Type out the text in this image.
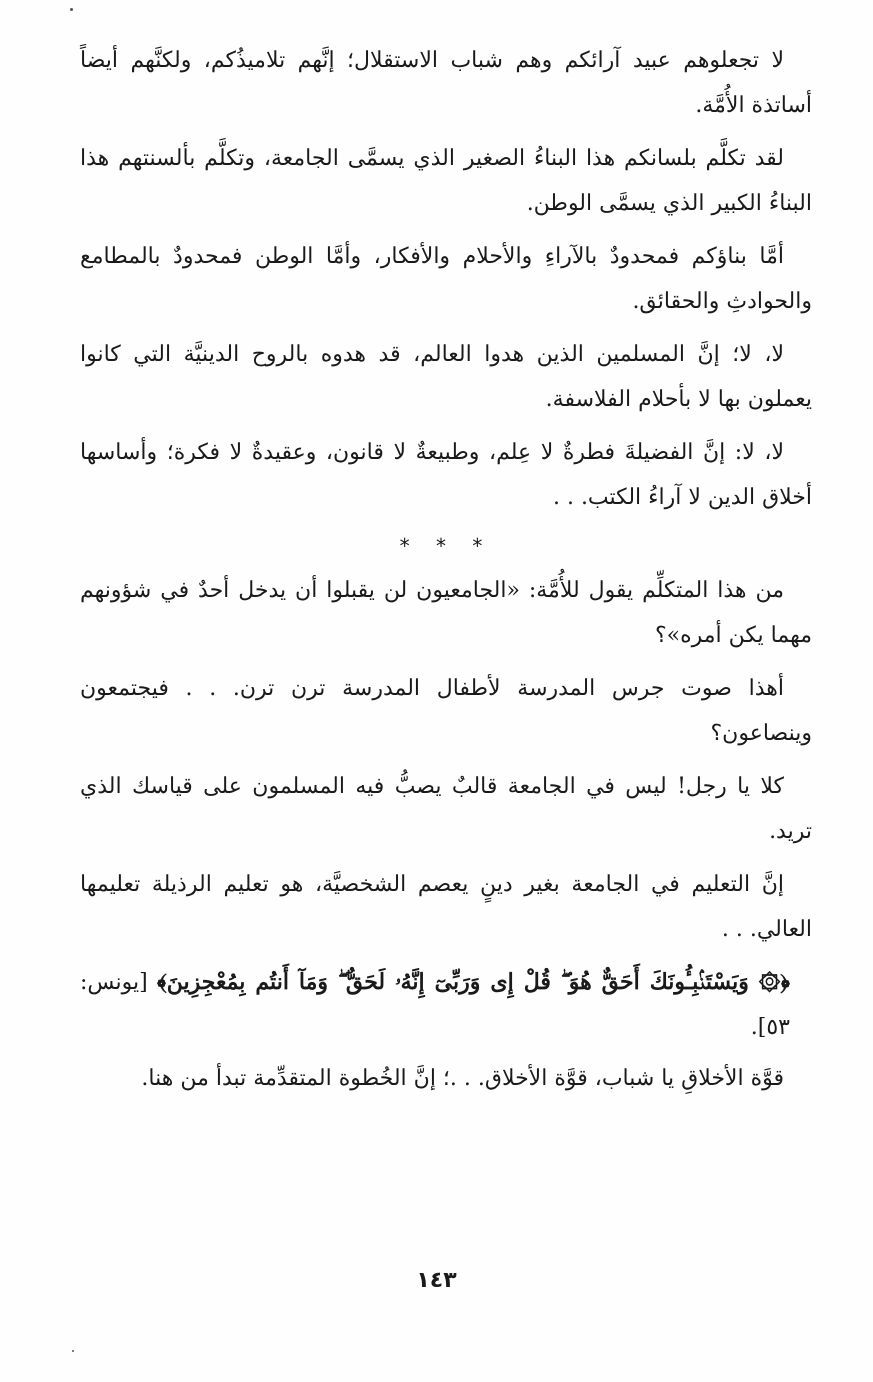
لا تجعلوهم عبيد آرائكم وهم شباب الاستقلال؛ إنَّهم تلاميذُكم، ولكنَّهم أيضاً أساتذة الأُمَّة.

لقد تكلَّم بلسانكم هذا البناءُ الصغير الذي يسمَّى الجامعة، وتكلَّم بألسنتهم هذا البناءُ الكبير الذي يسمَّى الوطن.

أمَّا بناؤكم فمحدودٌ بالآراءِ والأحلام والأفكار، وأمَّا الوطن فمحدودٌ بالمطامع والحوادثِ والحقائق.

لا، لا؛ إنَّ المسلمين الذين هدوا العالم، قد هدوه بالروح الدينيَّة التي كانوا يعملون بها لا بأحلام الفلاسفة.

لا، لا: إنَّ الفضيلةَ فطرةٌ لا عِلم، وطبيعةٌ لا قانون، وعقيدةٌ لا فكرة؛ وأساسها أخلاق الدين لا آراءُ الكتب. . .

* * *

من هذا المتكلِّم يقول للأُمَّة: «الجامعيون لن يقبلوا أن يدخل أحدٌ في شؤونهم مهما يكن أمره»؟

أهذا صوت جرس المدرسة لأطفال المدرسة ترن ترن. . . فيجتمعون وينصاعون؟

كلا يا رجل! ليس في الجامعة قالبٌ يصبُّ فيه المسلمون على قياسك الذي تريد.

إنَّ التعليم في الجامعة بغير دينٍ يعصم الشخصيَّة، هو تعليم الرذيلة تعليمها العالي. . .

﴿۞ وَيَسْتَنۢبِـُٔونَكَ أَحَقٌّ هُوَ ۖ قُلْ إِى وَرَبِّىٓ إِنَّهُۥ لَحَقٌّ ۖ وَمَآ أَنتُم بِمُعْجِزِينَ﴾ [يونس: ٥٣].

قوَّة الأخلاقِ يا شباب، قوَّة الأخلاق. . .؛ إنَّ الخُطوة المتقدِّمة تبدأ من هنا.

١٤٣
